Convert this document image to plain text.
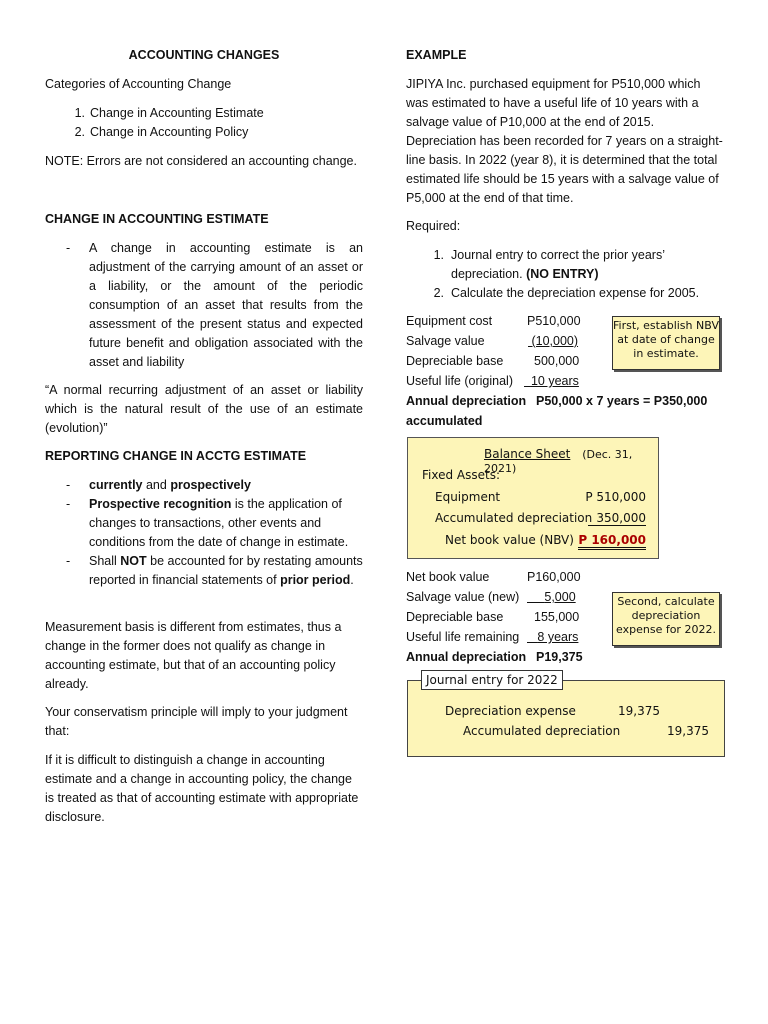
ACCOUNTING CHANGES

Categories of Accounting Change

1. Change in Accounting Estimate
2. Change in Accounting Policy

NOTE: Errors are not considered an accounting change.

CHANGE IN ACCOUNTING ESTIMATE

- A change in accounting estimate is an adjustment of the carrying amount of an asset or a liability, or the amount of the periodic consumption of an asset that results from the assessment of the present status and expected future benefit and obligation associated with the asset and liability

“A normal recurring adjustment of an asset or liability which is the natural result of the use of an estimate (evolution)”

REPORTING CHANGE IN ACCTG ESTIMATE

- currently and prospectively
- Prospective recognition is the application of changes to transactions, other events and conditions from the date of change in estimate.
- Shall NOT be accounted for by restating amounts reported in financial statements of prior period.

Measurement basis is different from estimates, thus a change in the former does not qualify as change in accounting estimate, but that of an accounting policy already.

Your conservatism principle will imply to your judgment that:

If it is difficult to distinguish a change in accounting estimate and a change in accounting policy, the change is treated as that of accounting estimate with appropriate disclosure.

EXAMPLE

JIPIYA Inc. purchased equipment for P510,000 which was estimated to have a useful life of 10 years with a salvage value of P10,000 at the end of 2015. Depreciation has been recorded for 7 years on a straight-line basis. In 2022 (year 8), it is determined that the total estimated life should be 15 years with a salvage value of P5,000 at the end of that time.

Required:

1. Journal entry to correct the prior years’ depreciation. (NO ENTRY)
2. Calculate the depreciation expense for 2005.
Equipment cost	P510,000
Salvage value	(10,000)
Depreciable base 500,000
Useful life (original)	10 years
Annual depreciation P50,000 x 7 years = P350,000
accumulated
First, establish NBV at date of change in estimate.
Balance Sheet (Dec. 31, 2021)
Fixed Assets:
Equipment	P 510,000
Accumulated depreciation 350,000
Net book value (NBV) P 160,000
Net book value	P160,000
Salvage value (new)	5,000
Depreciable base 155,000
Useful life remaining	8 years
Annual depreciation P19,375
Second, calculate depreciation expense for 2022.
Depreciation expense	19,375
Accumulated depreciation	19,375
Journal entry for 2022
